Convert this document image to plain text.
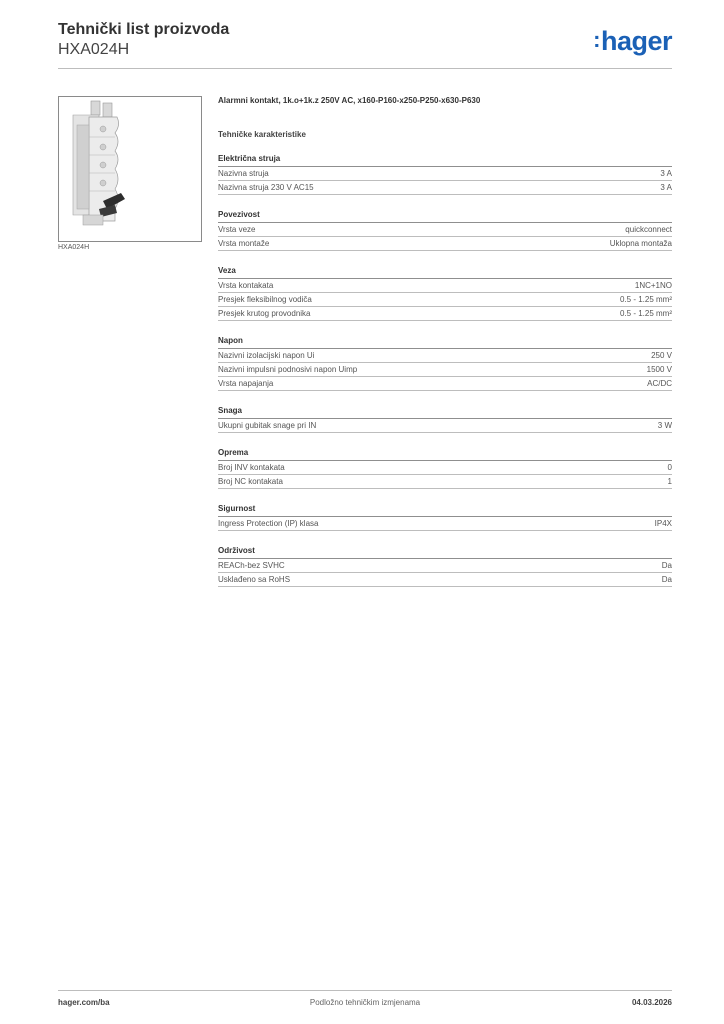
Tehnički list proizvoda
HXA024H	:hager
HXA024H
Alarmni kontakt, 1k.o+1k.z 250V AC, x160-P160-x250-P250-x630-P630
Tehničke karakteristike
Električna struja
Nazivna struja	3 A
Nazivna struja 230 V AC15	3 A
Povezivost
Vrsta veze	quickconnect
Vrsta montaže	Uklopna montaža
Veza
Vrsta kontakata	1NC+1NO
Presjek fleksibilnog vodiča	0.5 - 1.25 mm²
Presjek krutog provodnika	0.5 - 1.25 mm²
Napon
Nazivni izolacijski napon Ui	250 V
Nazivni impulsni podnosivi napon Uimp	1500 V
Vrsta napajanja	AC/DC
Snaga
Ukupni gubitak snage pri IN	3 W
Oprema
Broj INV kontakata	0
Broj NC kontakata	1
Sigurnost
Ingress Protection (IP) klasa	IP4X
Održivost
REACh-bez SVHC	Da
Usklađeno sa RoHS	Da
hager.com/ba	Podložno tehničkim izmjenama	04.03.2026
